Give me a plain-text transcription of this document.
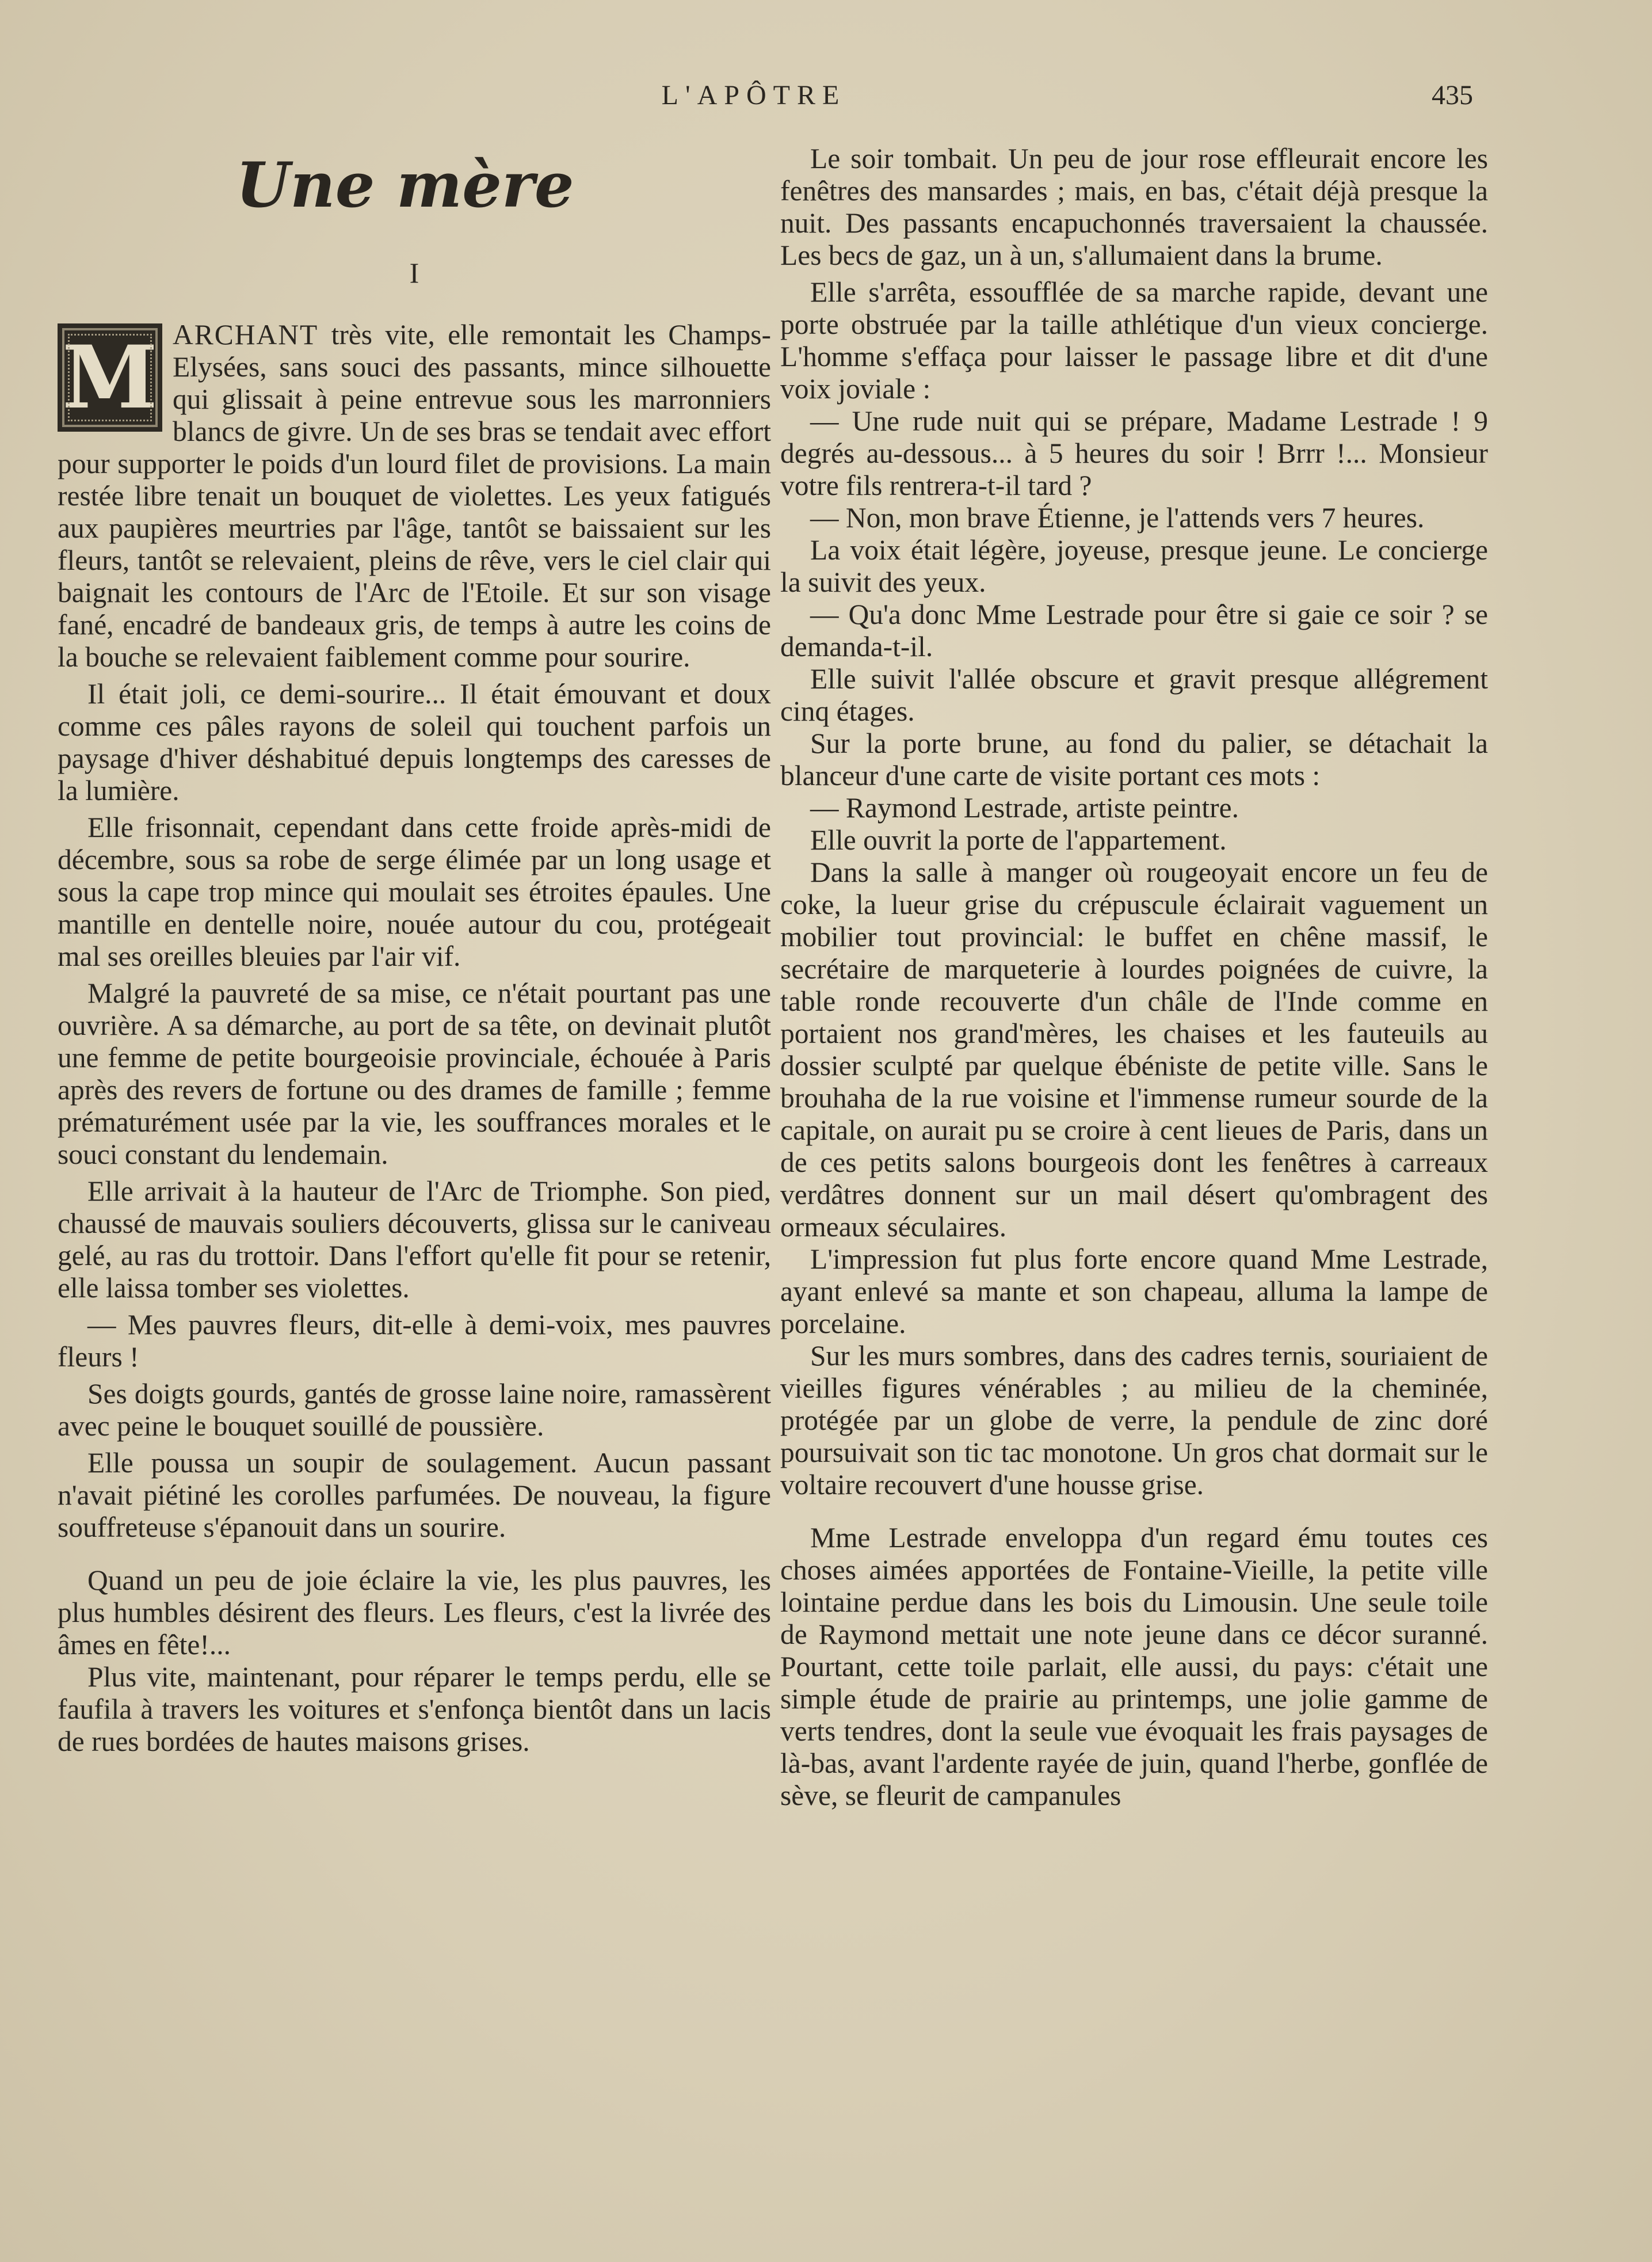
L'APÔTRE	435
Une mère
I

M ARCHANT très vite, elle remontait les Champs-Elysées, sans souci des passants, mince silhouette qui glissait à peine entrevue sous les marronniers blancs de givre. Un de ses bras se tendait avec effort pour supporter le poids d'un lourd filet de provisions. La main restée libre tenait un bouquet de violettes. Les yeux fatigués aux paupières meurtries par l'âge, tantôt se baissaient sur les fleurs, tantôt se relevaient, pleins de rêve, vers le ciel clair qui baignait les contours de l'Arc de l'Etoile. Et sur son visage fané, encadré de bandeaux gris, de temps à autre les coins de la bouche se relevaient faiblement comme pour sourire.

Il était joli, ce demi-sourire... Il était émouvant et doux comme ces pâles rayons de soleil qui touchent parfois un paysage d'hiver déshabitué depuis longtemps des caresses de la lumière.

Elle frisonnait, cependant dans cette froide après-midi de décembre, sous sa robe de serge élimée par un long usage et sous la cape trop mince qui moulait ses étroites épaules. Une mantille en dentelle noire, nouée autour du cou, protégeait mal ses oreilles bleuies par l'air vif.

Malgré la pauvreté de sa mise, ce n'était pourtant pas une ouvrière. A sa démarche, au port de sa tête, on devinait plutôt une femme de petite bourgeoisie provinciale, échouée à Paris après des revers de fortune ou des drames de famille ; femme prématurément usée par la vie, les souffrances morales et le souci constant du lendemain.

Elle arrivait à la hauteur de l'Arc de Triomphe. Son pied, chaussé de mauvais souliers découverts, glissa sur le caniveau gelé, au ras du trottoir. Dans l'effort qu'elle fit pour se retenir, elle laissa tomber ses violettes.

— Mes pauvres fleurs, dit-elle à demi-voix, mes pauvres fleurs !

Ses doigts gourds, gantés de grosse laine noire, ramassèrent avec peine le bouquet souillé de poussière.

Elle poussa un soupir de soulagement. Aucun passant n'avait piétiné les corolles parfumées. De nouveau, la figure souffreteuse s'épanouit dans un sourire.

Quand un peu de joie éclaire la vie, les plus pauvres, les plus humbles désirent des fleurs. Les fleurs, c'est la livrée des âmes en fête!...

Plus vite, maintenant, pour réparer le temps perdu, elle se faufila à travers les voitures et s'enfonça bientôt dans un lacis de rues bordées de hautes maisons grises.

Le soir tombait. Un peu de jour rose effleurait encore les fenêtres des mansardes ; mais, en bas, c'était déjà presque la nuit. Des passants encapuchonnés traversaient la chaussée. Les becs de gaz, un à un, s'allumaient dans la brume.

Elle s'arrêta, essoufflée de sa marche rapide, devant une porte obstruée par la taille athlétique d'un vieux concierge. L'homme s'effaça pour laisser le passage libre et dit d'une voix joviale :

— Une rude nuit qui se prépare, Madame Lestrade ! 9 degrés au-dessous... à 5 heures du soir ! Brrr !... Monsieur votre fils rentrera-t-il tard ?

— Non, mon brave Étienne, je l'attends vers 7 heures.

La voix était légère, joyeuse, presque jeune. Le concierge la suivit des yeux.

— Qu'a donc Mme Lestrade pour être si gaie ce soir ? se demanda-t-il.

Elle suivit l'allée obscure et gravit presque allégrement cinq étages.

Sur la porte brune, au fond du palier, se détachait la blanceur d'une carte de visite portant ces mots :

— Raymond Lestrade, artiste peintre.

Elle ouvrit la porte de l'appartement.

Dans la salle à manger où rougeoyait encore un feu de coke, la lueur grise du crépuscule éclairait vaguement un mobilier tout provincial: le buffet en chêne massif, le secrétaire de marqueterie à lourdes poignées de cuivre, la table ronde recouverte d'un châle de l'Inde comme en portaient nos grand'mères, les chaises et les fauteuils au dossier sculpté par quelque ébéniste de petite ville. Sans le brouhaha de la rue voisine et l'immense rumeur sourde de la capitale, on aurait pu se croire à cent lieues de Paris, dans un de ces petits salons bourgeois dont les fenêtres à carreaux verdâtres donnent sur un mail désert qu'ombragent des ormeaux séculaires.

L'impression fut plus forte encore quand Mme Lestrade, ayant enlevé sa mante et son chapeau, alluma la lampe de porcelaine.

Sur les murs sombres, dans des cadres ternis, souriaient de vieilles figures vénérables ; au milieu de la cheminée, protégée par un globe de verre, la pendule de zinc doré poursuivait son tic tac monotone. Un gros chat dormait sur le voltaire recouvert d'une housse grise.

Mme Lestrade enveloppa d'un regard ému toutes ces choses aimées apportées de Fontaine-Vieille, la petite ville lointaine perdue dans les bois du Limousin. Une seule toile de Raymond mettait une note jeune dans ce décor suranné. Pourtant, cette toile parlait, elle aussi, du pays: c'était une simple étude de prairie au printemps, une jolie gamme de verts tendres, dont la seule vue évoquait les frais paysages de là-bas, avant l'ardente rayée de juin, quand l'herbe, gonflée de sève, se fleurit de campanules
